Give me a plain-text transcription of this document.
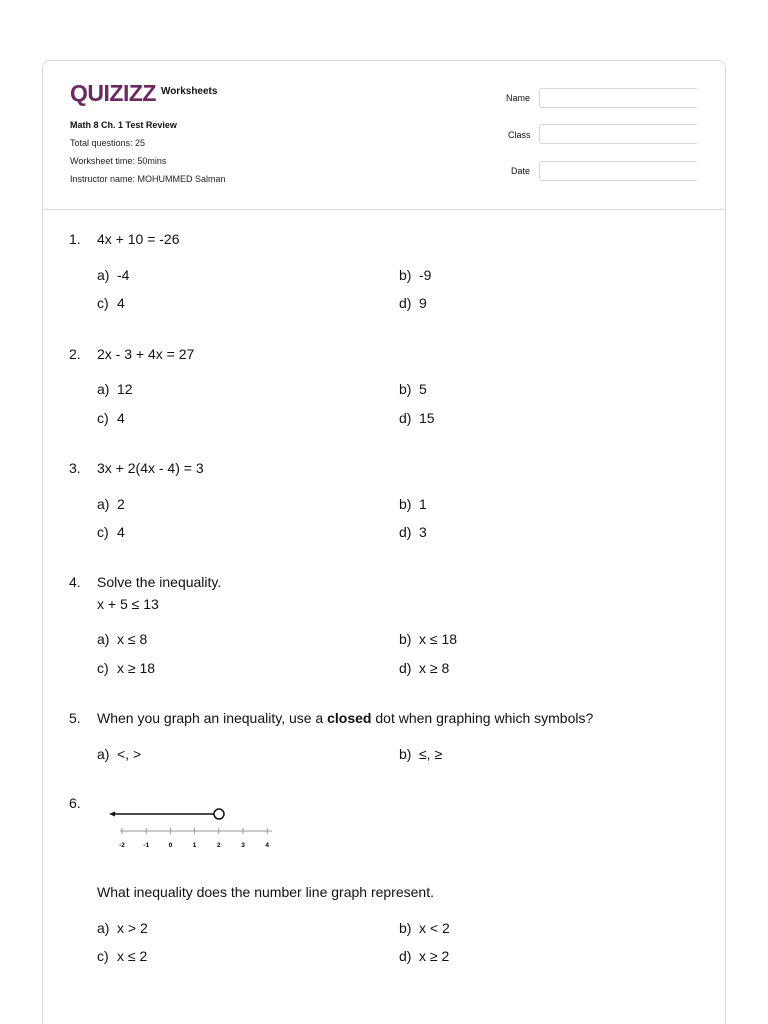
QUIZIZZ Worksheets
Math 8 Ch. 1 Test Review
Total questions: 25
Worksheet time: 50mins
Instructor name: MOHUMMED Salman
Name
Class
Date
1. 4x + 10 = -26
a) -4	b) -9
c) 4	d) 9
2. 2x - 3 + 4x = 27
a) 12	b) 5
c) 4	d) 15
3. 3x + 2(4x - 4) = 3
a) 2	b) 1
c) 4	d) 3
4. Solve the inequality.
x + 5 ≤ 13
a) x ≤ 8	b) x ≤ 18
c) x ≥ 18	d) x ≥ 8
5. When you graph an inequality, use a closed dot when graphing which symbols?
a) <, >	b) ≤, ≥
6.
-2	-1	0	1	2	3	4
What inequality does the number line graph represent.
a) x > 2	b) x < 2
c) x ≤ 2	d) x ≥ 2
